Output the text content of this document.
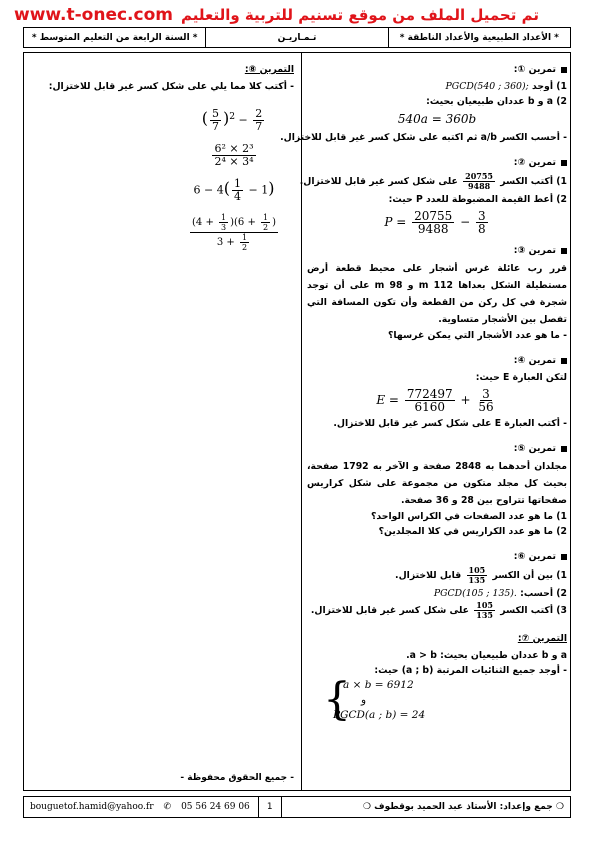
www.t-onec.com تم تحميل الملف من موقع تسنيم للتربية والتعليم
* الأعداد الطبيعية والأعداد الناطقة *
تـمـاريـن
* السنة الرابعة من التعليم المتوسط *
تمرين ①:
1) أوجد PGCD(540 ; 360);
2) a و b عددان طبيعيان بحيث:
540a = 360b
- أحسب الكسر a/b ثم اكتبه على شكل كسر غير قابل للاختزال.
تمرين ②:
1) أكتب الكسر
$\frac{20755}{9488}$
على شكل كسر غير قابل للاختزال.
2) أعط القيمة المضبوطة للعدد P حيث:
$P = \frac{20755}{9488} - \frac{3}{8}$
تمرين ③:
قرر رب عائلة غرس أشجار على محيط قطعة أرض مستطيلة الشكل بعداها 112 m و 98 m على أن توجد شجرة في كل ركن من القطعة وأن تكون المسافة التي تفصل بين الأشجار متساوية.
- ما هو عدد الأشجار التي يمكن غرسها؟
تمرين ④:
لتكن العبارة E حيث:
$E = \frac{772497}{6160} + \frac{3}{56}$
- أكتب العبارة E على شكل كسر غير قابل للاختزال.
تمرين ⑤:
مجلدان أحدهما به 2848 صفحة و الآخر به 1792 صفحة، بحيث كل مجلد متكون من مجموعة على شكل كراريس صفحاتها تتراوح بين 28 و 36 صفحة.
1) ما هو عدد الصفحات في الكراس الواحد؟
2) ما هو عدد الكراريس في كلا المجلدين؟
تمرين ⑥:
1) بين أن الكسر
$\frac{105}{135}$
قابل للاختزال.
2) أحسب: PGCD(105 ; 135).
3) أكتب الكسر
$\frac{105}{135}$
على شكل كسر غير قابل للاختزال.
التمرين ⑦:
a و b عددان طبيعيان بحيث: a > b.
- أوجد جميع الثنائيات المرتبة (a ; b) حيث:
{
a × b = 6912
و
PGCD(a ; b) = 24
التمرين ⑧:
- أكتب كلا مما يلي على شكل كسر غير قابل للاختزال:
( $\frac{5}{7} )^2 - \frac{2}{7}$
$\frac{\text{6² × 2³}}{\text{2⁴ × 3⁴}}$
$6 - 4( \frac{1}{4} - 1)$
$\frac{(4 + \frac{1}{3} )(6 + \frac{1}{2} )}{3 + \frac{1}{2}}$
- جميع الحقوق محفوظة -
bouguetof.hamid@yahoo.fr ✆ 05 56 24 69 06	1	❍ جمع وإعداد: الأستاذ عبد الحميد بوقطوف ❍
